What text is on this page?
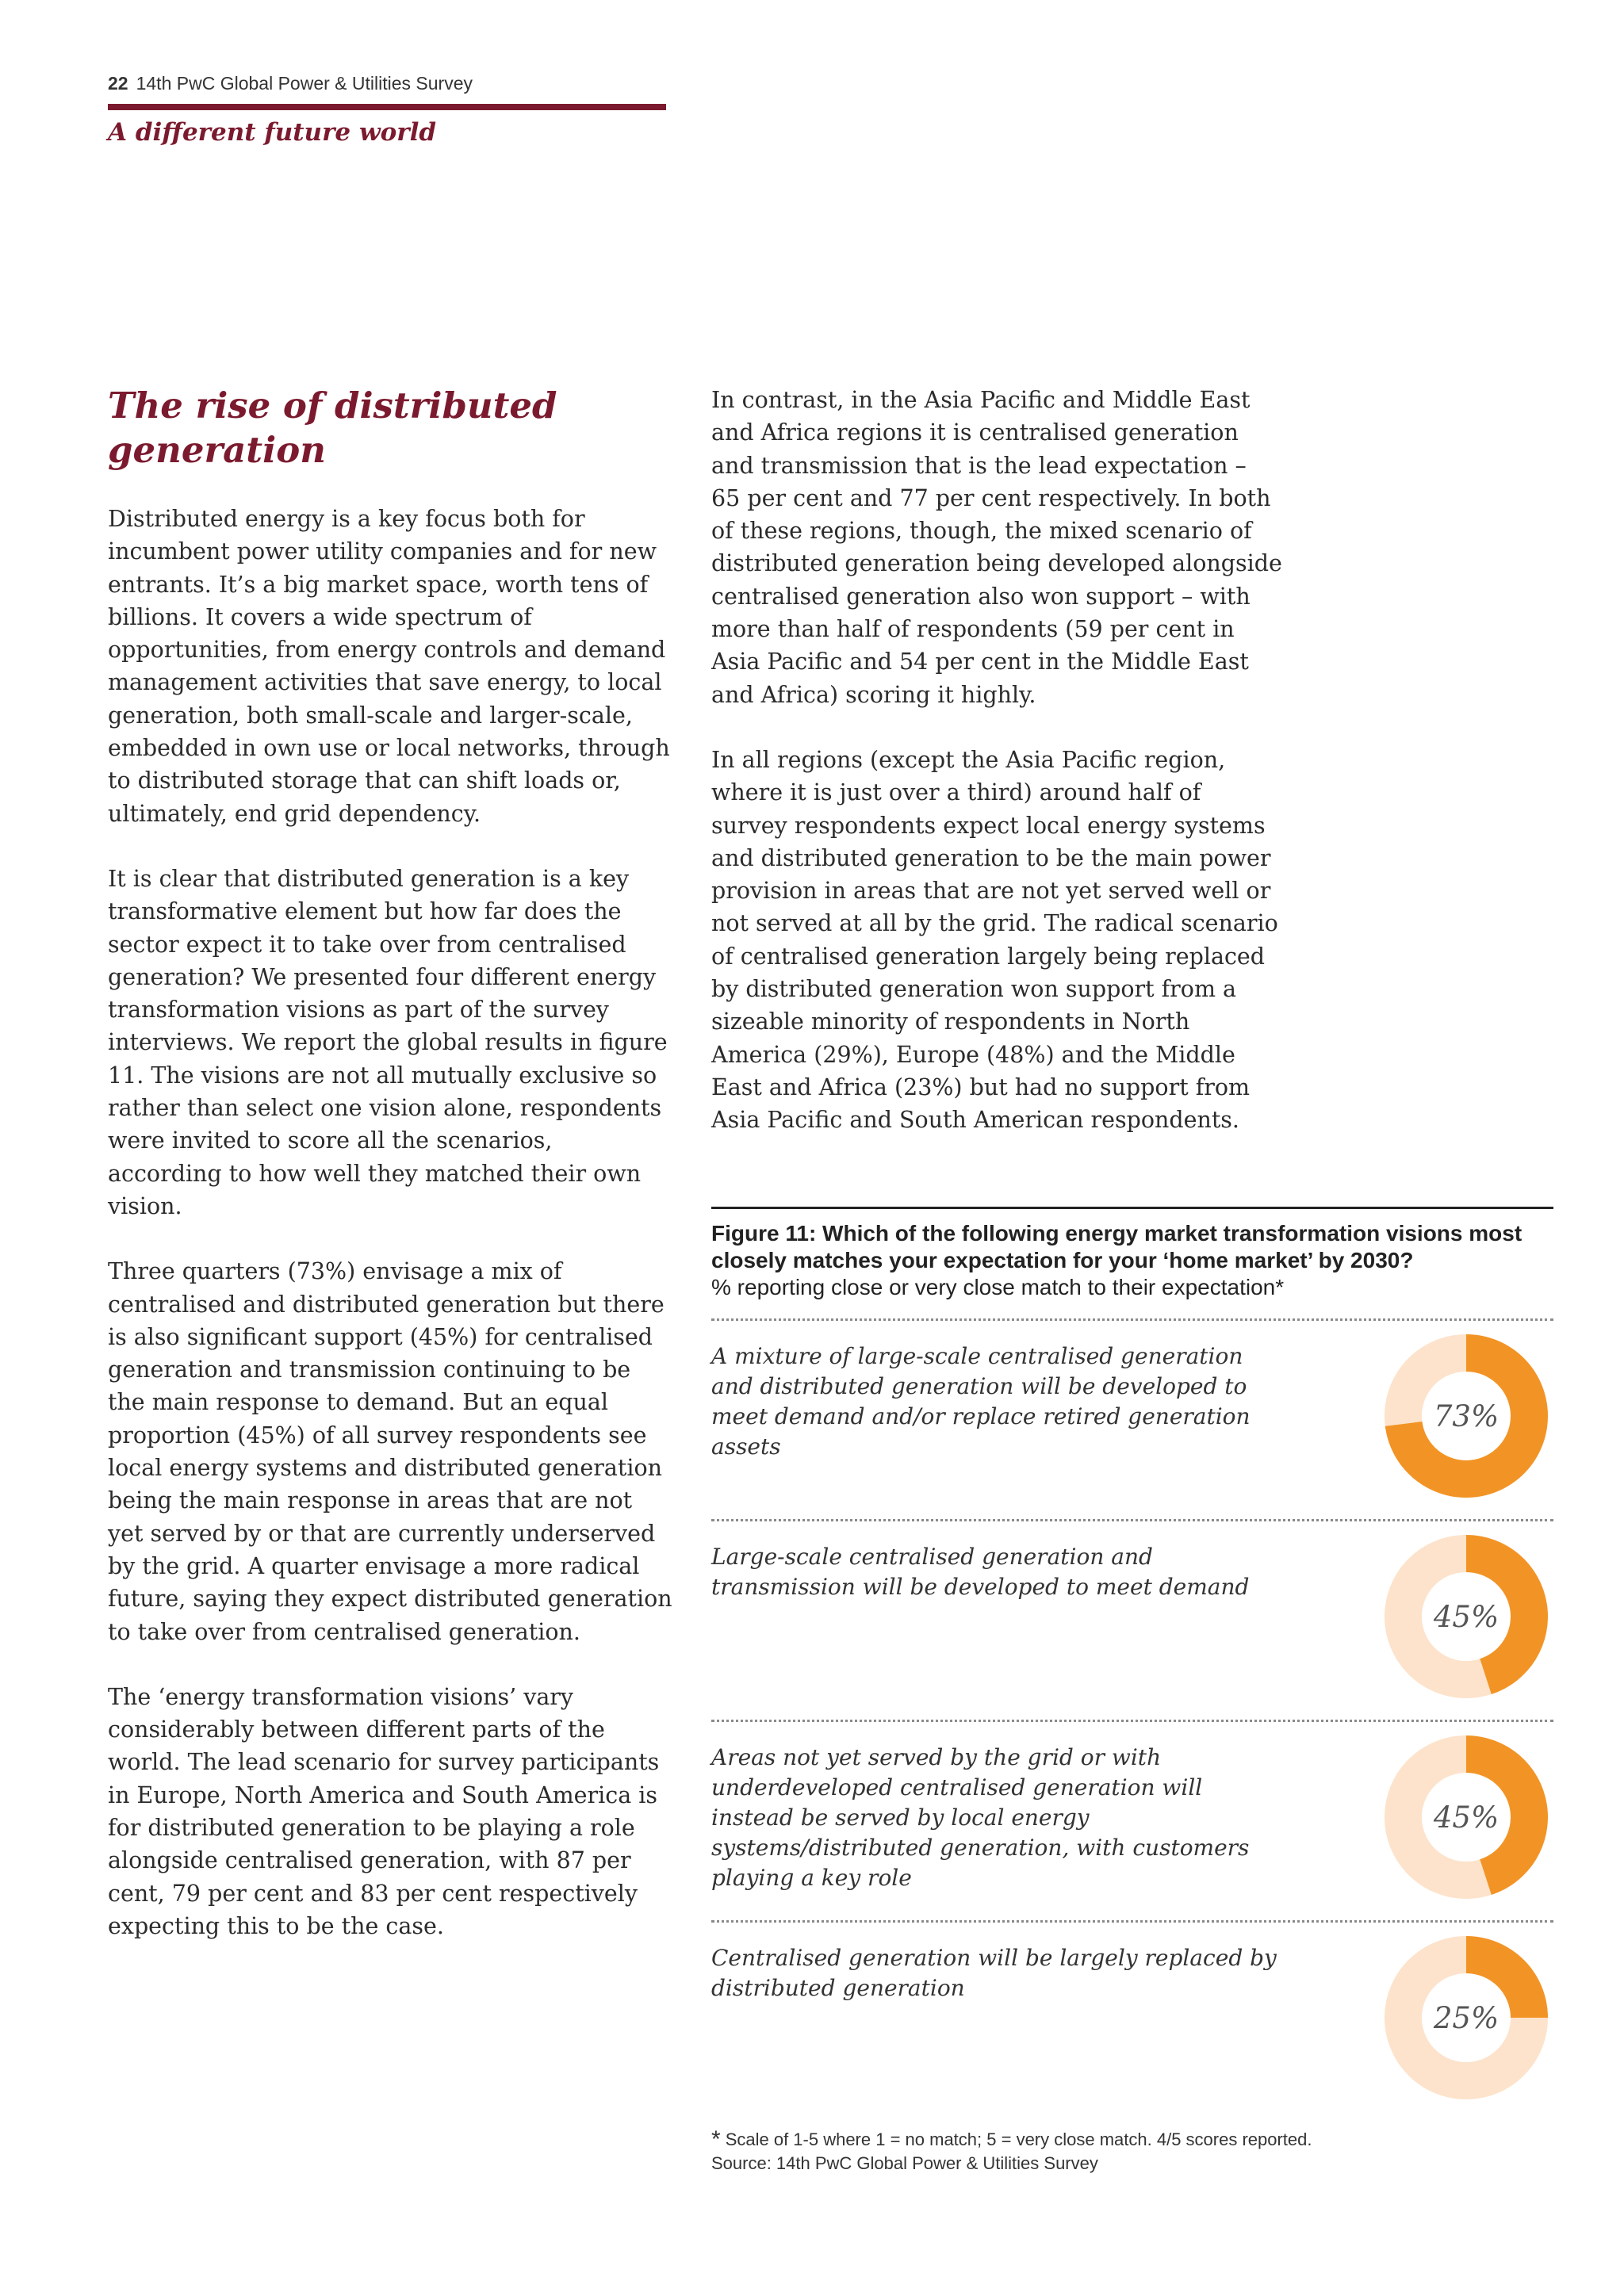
22 14th PwC Global Power & Utilities Survey
A different future world
The rise of distributed generation

Distributed energy is a key focus both for incumbent power utility companies and for new entrants. It’s a big market space, worth tens of billions. It covers a wide spectrum of opportunities, from energy controls and demand management activities that save energy, to local generation, both small-scale and larger-scale, embedded in own use or local networks, through to distributed storage that can shift loads or, ultimately, end grid dependency.

It is clear that distributed generation is a key transformative element but how far does the sector expect it to take over from centralised generation? We presented four different energy transformation visions as part of the survey interviews. We report the global results in figure 11. The visions are not all mutually exclusive so rather than select one vision alone, respondents were invited to score all the scenarios, according to how well they matched their own vision.

Three quarters (73%) envisage a mix of centralised and distributed generation but there is also significant support (45%) for centralised generation and transmission continuing to be the main response to demand. But an equal proportion (45%) of all survey respondents see local energy systems and distributed generation being the main response in areas that are not yet served by or that are currently underserved by the grid. A quarter envisage a more radical future, saying they expect distributed generation to take over from centralised generation.

The ‘energy transformation visions’ vary considerably between different parts of the world. The lead scenario for survey participants in Europe, North America and South America is for distributed generation to be playing a role alongside centralised generation, with 87 per cent, 79 per cent and 83 per cent respectively expecting this to be the case.

In contrast, in the Asia Pacific and Middle East and Africa regions it is centralised generation and transmission that is the lead expectation – 65 per cent and 77 per cent respectively. In both of these regions, though, the mixed scenario of distributed generation being developed alongside centralised generation also won support – with more than half of respondents (59 per cent in Asia Pacific and 54 per cent in the Middle East and Africa) scoring it highly.

In all regions (except the Asia Pacific region, where it is just over a third) around half of survey respondents expect local energy systems and distributed generation to be the main power provision in areas that are not yet served well or not served at all by the grid. The radical scenario of centralised generation largely being replaced by distributed generation won support from a sizeable minority of respondents in North America (29%), Europe (48%) and the Middle East and Africa (23%) but had no support from Asia Pacific and South American respondents.

Figure 11: Which of the following energy market transformation visions most closely matches your expectation for your ‘home market’ by 2030?
% reporting close or very close match to their expectation*
A mixture of large-scale centralised generation and distributed generation will be developed to meet demand and/or replace retired generation assets
73%
Large-scale centralised generation and transmission will be developed to meet demand
45%
Areas not yet served by the grid or with underdeveloped centralised generation will instead be served by local energy systems/distributed generation, with customers playing a key role
45%
Centralised generation will be largely replaced by distributed generation
25%
* Scale of 1-5 where 1 = no match; 5 = very close match. 4/5 scores reported.
Source: 14th PwC Global Power & Utilities Survey
